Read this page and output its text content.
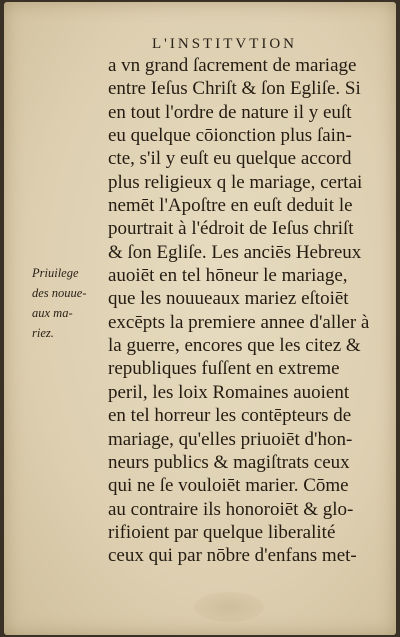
L'INSTITVTION

a vn grand ſacrement de mariage
entre Ieſus Chriſt & ſon Egliſe. Si
en tout l'ordre de nature il y euſt
eu quelque cōionction plus ſain-
cte, s'il y euſt eu quelque accord
plus religieux q le mariage, certai
nemēt l'Apoſtre en euſt deduit le
pourtrait à l'édroit de Ieſus chriſt
& ſon Egliſe. Les anciēs Hebreux
auoiēt en tel hōneur le mariage,
que les nouueaux mariez eſtoiēt
excēpts la premiere annee d'aller à
la guerre, encores que les citez &
republiques fuſſent en extreme
peril, les loix Romaines auoient
en tel horreur les contēpteurs de
mariage, qu'elles priuoiēt d'hon-
neurs publics & magiſtrats ceux
qui ne ſe vouloiēt marier. Cōme
au contraire ils honoroiēt & glo-
rifioient par quelque liberalité
ceux qui par nōbre d'enfans met-
Priuilege
des nouue-
aux ma-
riez.
